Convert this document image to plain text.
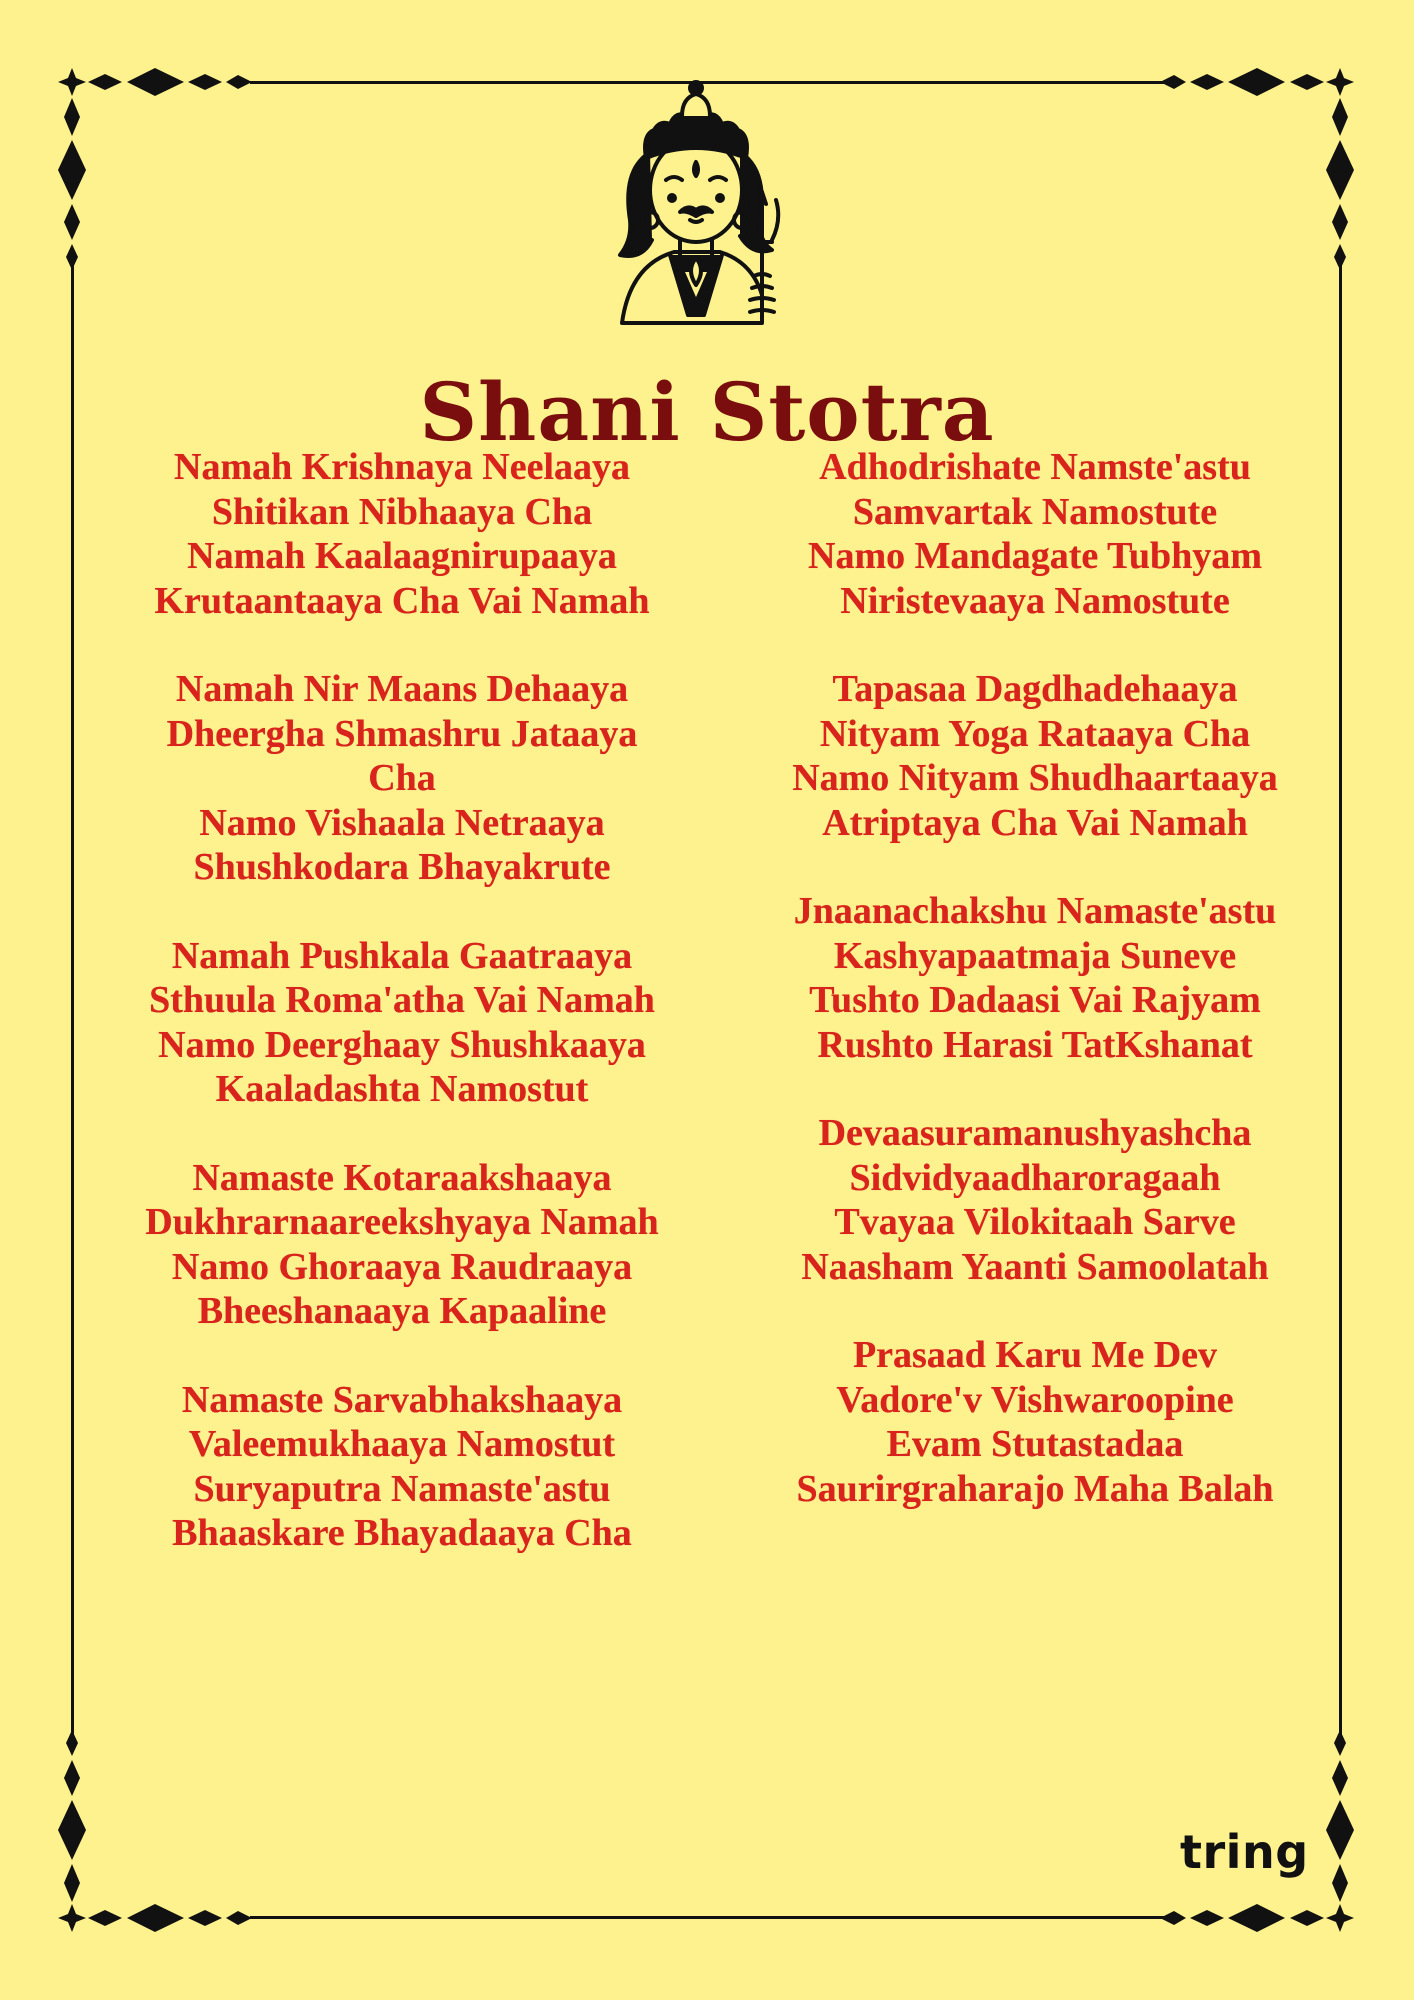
Shani Stotra
Namah Krishnaya Neelaaya
Shitikan Nibhaaya Cha
Namah Kaalaagnirupaaya
Krutaantaaya Cha Vai Namah
Namah Nir Maans Dehaaya
Dheergha Shmashru Jataaya
Cha
Namo Vishaala Netraaya
Shushkodara Bhayakrute
Namah Pushkala Gaatraaya
Sthuula Roma'atha Vai Namah
Namo Deerghaay Shushkaaya
Kaaladashta Namostut
Namaste Kotaraakshaaya
Dukhrarnaareekshyaya Namah
Namo Ghoraaya Raudraaya
Bheeshanaaya Kapaaline
Namaste Sarvabhakshaaya
Valeemukhaaya Namostut
Suryaputra Namaste'astu
Bhaaskare Bhayadaaya Cha
Adhodrishate Namste'astu
Samvartak Namostute
Namo Mandagate Tubhyam
Niristevaaya Namostute
Tapasaa Dagdhadehaaya
Nityam Yoga Rataaya Cha
Namo Nityam Shudhaartaaya
Atriptaya Cha Vai Namah
Jnaanachakshu Namaste'astu
Kashyapaatmaja Suneve
Tushto Dadaasi Vai Rajyam
Rushto Harasi TatKshanat
Devaasuramanushyashcha
Sidvidyaadharoragaah
Tvayaa Vilokitaah Sarve
Naasham Yaanti Samoolatah
Prasaad Karu Me Dev
Vadore'v Vishwaroopine
Evam Stutastadaa
Saurirgraharajo Maha Balah
tring
